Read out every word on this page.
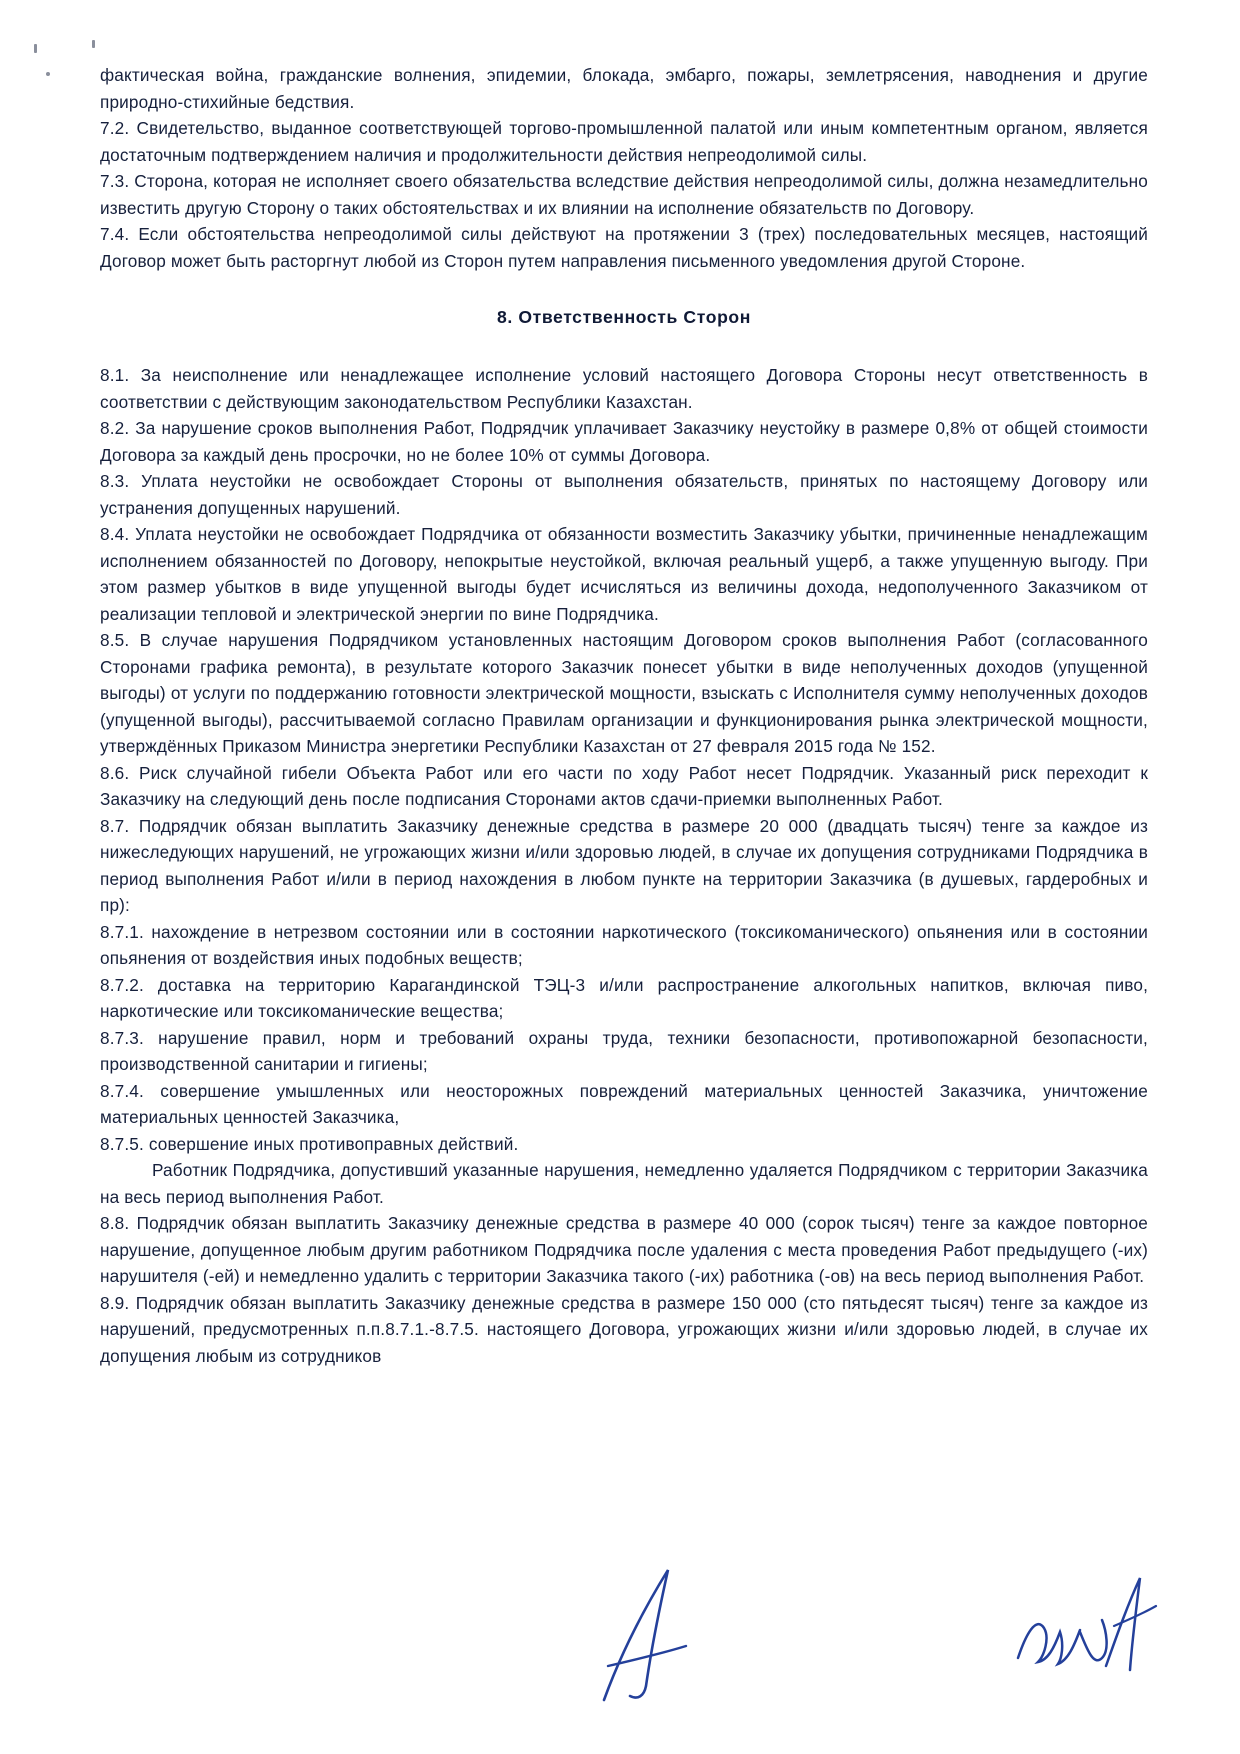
фактическая война, гражданские волнения, эпидемии, блокада, эмбарго, пожары, землетрясения, наводнения и другие природно-стихийные бедствия.

7.2. Свидетельство, выданное соответствующей торгово-промышленной палатой или иным компетентным органом, является достаточным подтверждением наличия и продолжительности действия непреодолимой силы.

7.3. Сторона, которая не исполняет своего обязательства вследствие действия непреодолимой силы, должна незамедлительно известить другую Сторону о таких обстоятельствах и их влиянии на исполнение обязательств по Договору.

7.4. Если обстоятельства непреодолимой силы действуют на протяжении 3 (трех) последовательных месяцев, настоящий Договор может быть расторгнут любой из Сторон путем направления письменного уведомления другой Стороне.

8. Ответственность Сторон

8.1. За неисполнение или ненадлежащее исполнение условий настоящего Договора Стороны несут ответственность в соответствии с действующим законодательством Республики Казахстан.

8.2. За нарушение сроков выполнения Работ, Подрядчик уплачивает Заказчику неустойку в размере 0,8% от общей стоимости Договора за каждый день просрочки, но не более 10% от суммы Договора.

8.3. Уплата неустойки не освобождает Стороны от выполнения обязательств, принятых по настоящему Договору или устранения допущенных нарушений.

8.4. Уплата неустойки не освобождает Подрядчика от обязанности возместить Заказчику убытки, причиненные ненадлежащим исполнением обязанностей по Договору, непокрытые неустойкой, включая реальный ущерб, а также упущенную выгоду. При этом размер убытков в виде упущенной выгоды будет исчисляться из величины дохода, недополученного Заказчиком от реализации тепловой и электрической энергии по вине Подрядчика.

8.5. В случае нарушения Подрядчиком установленных настоящим Договором сроков выполнения Работ (согласованного Сторонами графика ремонта), в результате которого Заказчик понесет убытки в виде неполученных доходов (упущенной выгоды) от услуги по поддержанию готовности электрической мощности, взыскать с Исполнителя сумму неполученных доходов (упущенной выгоды), рассчитываемой согласно Правилам организации и функционирования рынка электрической мощности, утверждённых Приказом Министра энергетики Республики Казахстан от 27 февраля 2015 года № 152.

8.6. Риск случайной гибели Объекта Работ или его части по ходу Работ несет Подрядчик. Указанный риск переходит к Заказчику на следующий день после подписания Сторонами актов сдачи-приемки выполненных Работ.

8.7. Подрядчик обязан выплатить Заказчику денежные средства в размере 20 000 (двадцать тысяч) тенге за каждое из нижеследующих нарушений, не угрожающих жизни и/или здоровью людей, в случае их допущения сотрудниками Подрядчика в период выполнения Работ и/или в период нахождения в любом пункте на территории Заказчика (в душевых, гардеробных и пр):

8.7.1. нахождение в нетрезвом состоянии или в состоянии наркотического (токсикоманического) опьянения или в состоянии опьянения от воздействия иных подобных веществ;

8.7.2. доставка на территорию Карагандинской ТЭЦ-3 и/или распространение алкогольных напитков, включая пиво, наркотические или токсикоманические вещества;

8.7.3. нарушение правил, норм и требований охраны труда, техники безопасности, противопожарной безопасности, производственной санитарии и гигиены;

8.7.4. совершение умышленных или неосторожных повреждений материальных ценностей Заказчика, уничтожение материальных ценностей Заказчика,

8.7.5. совершение иных противоправных действий.

Работник Подрядчика, допустивший указанные нарушения, немедленно удаляется Подрядчиком с территории Заказчика на весь период выполнения Работ.

8.8. Подрядчик обязан выплатить Заказчику денежные средства в размере 40 000 (сорок тысяч) тенге за каждое повторное нарушение, допущенное любым другим работником Подрядчика после удаления с места проведения Работ предыдущего (-их) нарушителя (-ей) и немедленно удалить с территории Заказчика такого (-их) работника (-ов) на весь период выполнения Работ.

8.9. Подрядчик обязан выплатить Заказчику денежные средства в размере 150 000 (сто пятьдесят тысяч) тенге за каждое из нарушений, предусмотренных п.п.8.7.1.-8.7.5. настоящего Договора, угрожающих жизни и/или здоровью людей, в случае их допущения любым из сотрудников
